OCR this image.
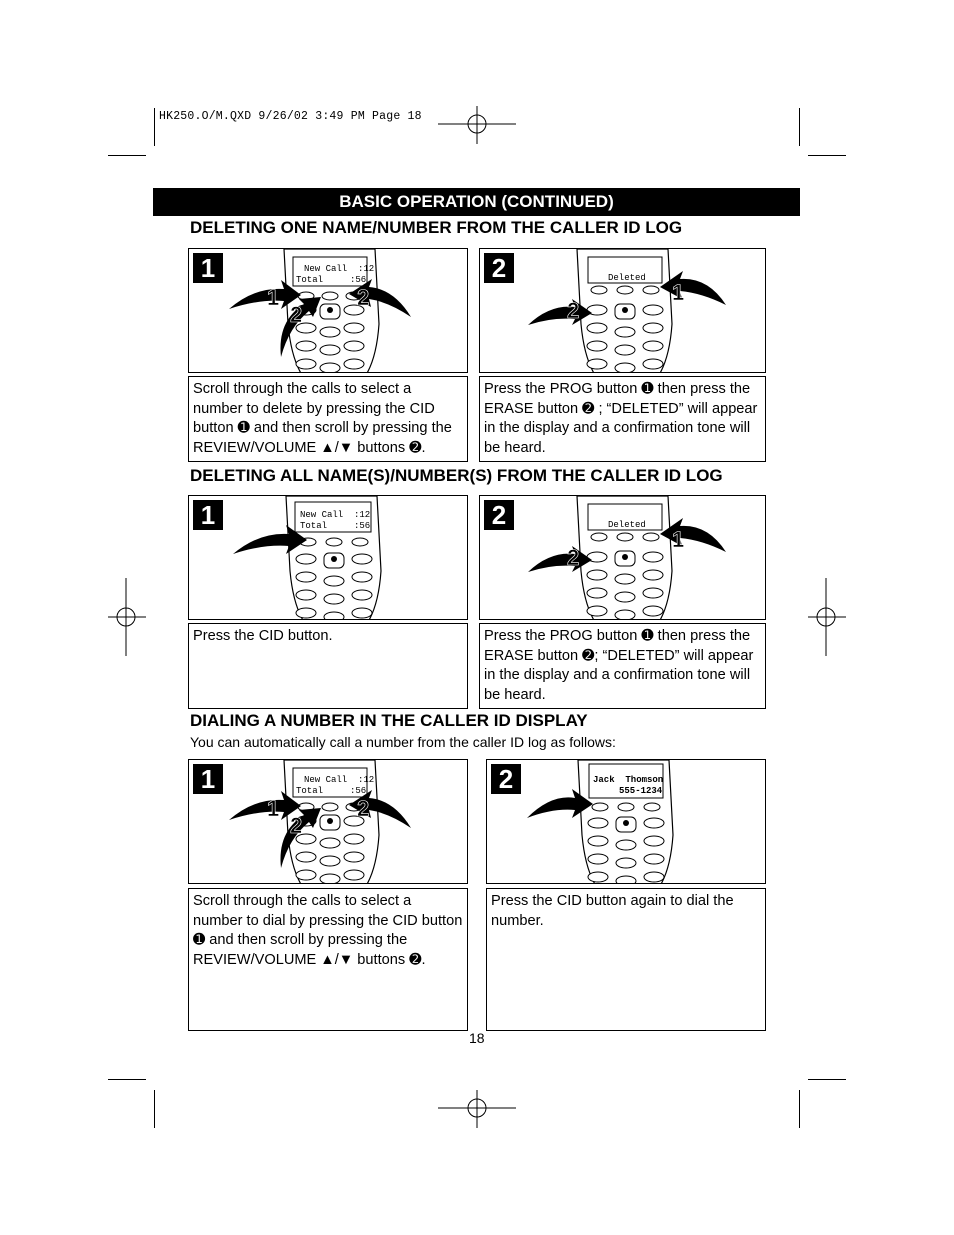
HK250.O/M.QXD 9/26/02 3:49 PM Page 18
BASIC OPERATION (CONTINUED)
DELETING ONE NAME/NUMBER FROM THE CALLER ID LOG
DELETING ALL NAME(S)/NUMBER(S) FROM THE CALLER ID LOG
DIALING A NUMBER IN THE CALLER ID DISPLAY
You can automatically call a number from the caller ID log as follows:
New Call  :12
Total     :56
1	2
2
1	Deleted
2
1
2
Scroll through the calls to select a number to delete by pressing the CID button ➊ and then scroll by pressing the REVIEW/VOLUME ▲/▼ buttons ➋.
Press the PROG button ➊ then press the ERASE button ➋ ; “DELETED” will appear in the display and a confirmation tone will be heard.
New Call  :12
Total     :56
1	Deleted
2
1
2
Press the CID button.	Press the PROG button ➊ then press the ERASE button ➋; “DELETED” will appear in the display and a confirmation tone will be heard.
New Call  :12
Total     :56
1	2
2
1	Jack  Thomson
555-1234
2
Scroll through the calls to select a number to dial by pressing the CID button ➊ and then scroll by pressing the REVIEW/VOLUME ▲/▼ buttons ➋.
Press the CID button again to dial the number.
18
